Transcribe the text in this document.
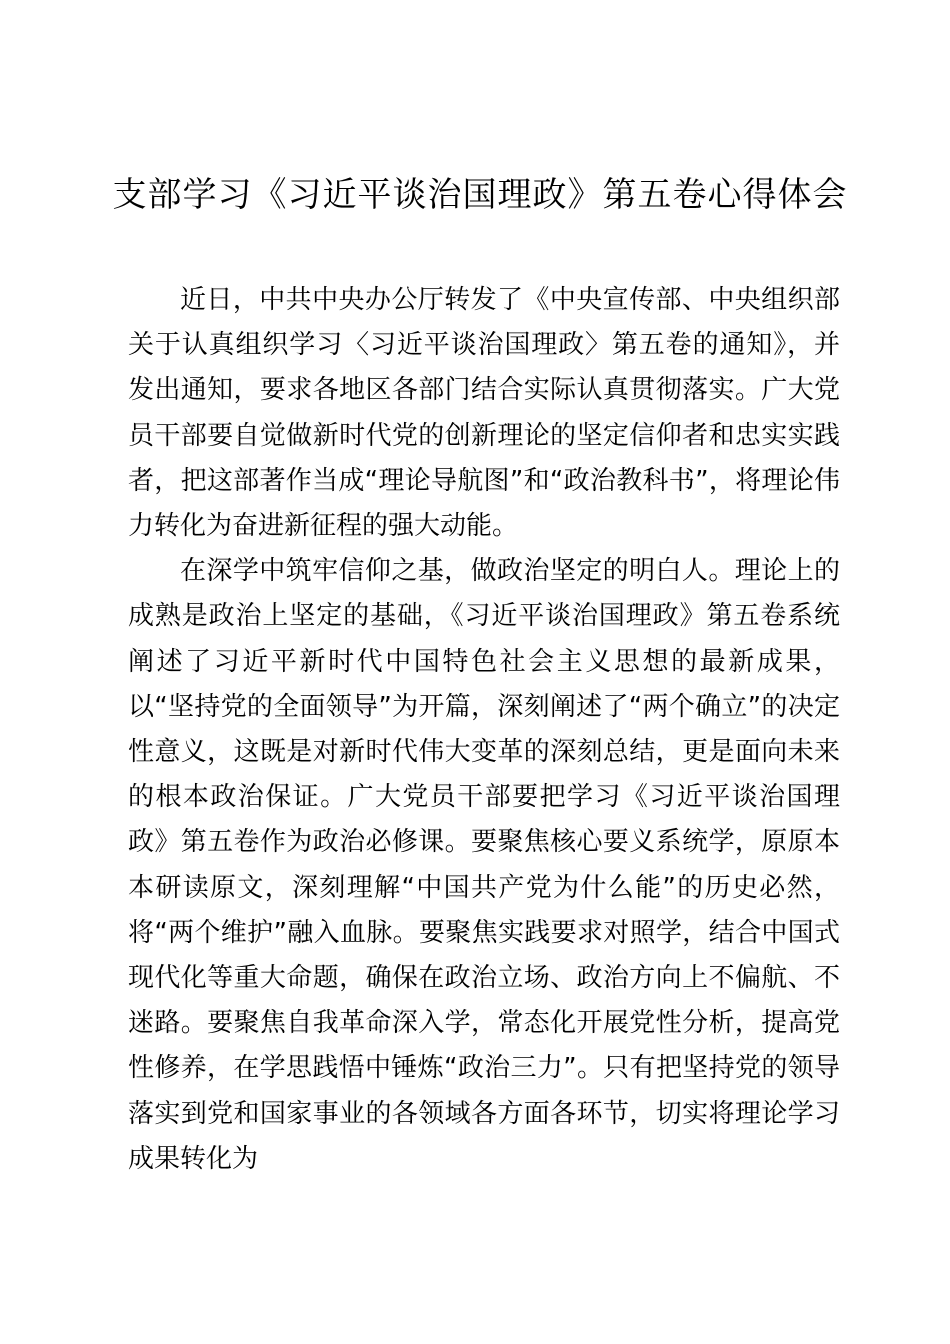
支部学习《习近平谈治国理政》第五卷心得体会

近日，中共中央办公厅转发了《中央宣传部、中央组织部关于认真组织学习〈习近平谈治国理政〉第五卷的通知》，并发出通知，要求各地区各部门结合实际认真贯彻落实。广大党员干部要自觉做新时代党的创新理论的坚定信仰者和忠实实践者，把这部著作当成“理论导航图”和“政治教科书”，将理论伟力转化为奋进新征程的强大动能。

在深学中筑牢信仰之基，做政治坚定的明白人。理论上的成熟是政治上坚定的基础，《习近平谈治国理政》第五卷系统阐述了习近平新时代中国特色社会主义思想的最新成果，以“坚持党的全面领导”为开篇，深刻阐述了“两个确立”的决定性意义，这既是对新时代伟大变革的深刻总结，更是面向未来的根本政治保证。广大党员干部要把学习《习近平谈治国理政》第五卷作为政治必修课。要聚焦核心要义系统学，原原本本研读原文，深刻理解“中国共产党为什么能”的历史必然，将“两个维护”融入血脉。要聚焦实践要求对照学，结合中国式现代化等重大命题，确保在政治立场、政治方向上不偏航、不迷路。要聚焦自我革命深入学，常态化开展党性分析，提高党性修养，在学思践悟中锤炼“政治三力”。只有把坚持党的领导落实到党和国家事业的各领域各方面各环节，切实将理论学习成果转化为
